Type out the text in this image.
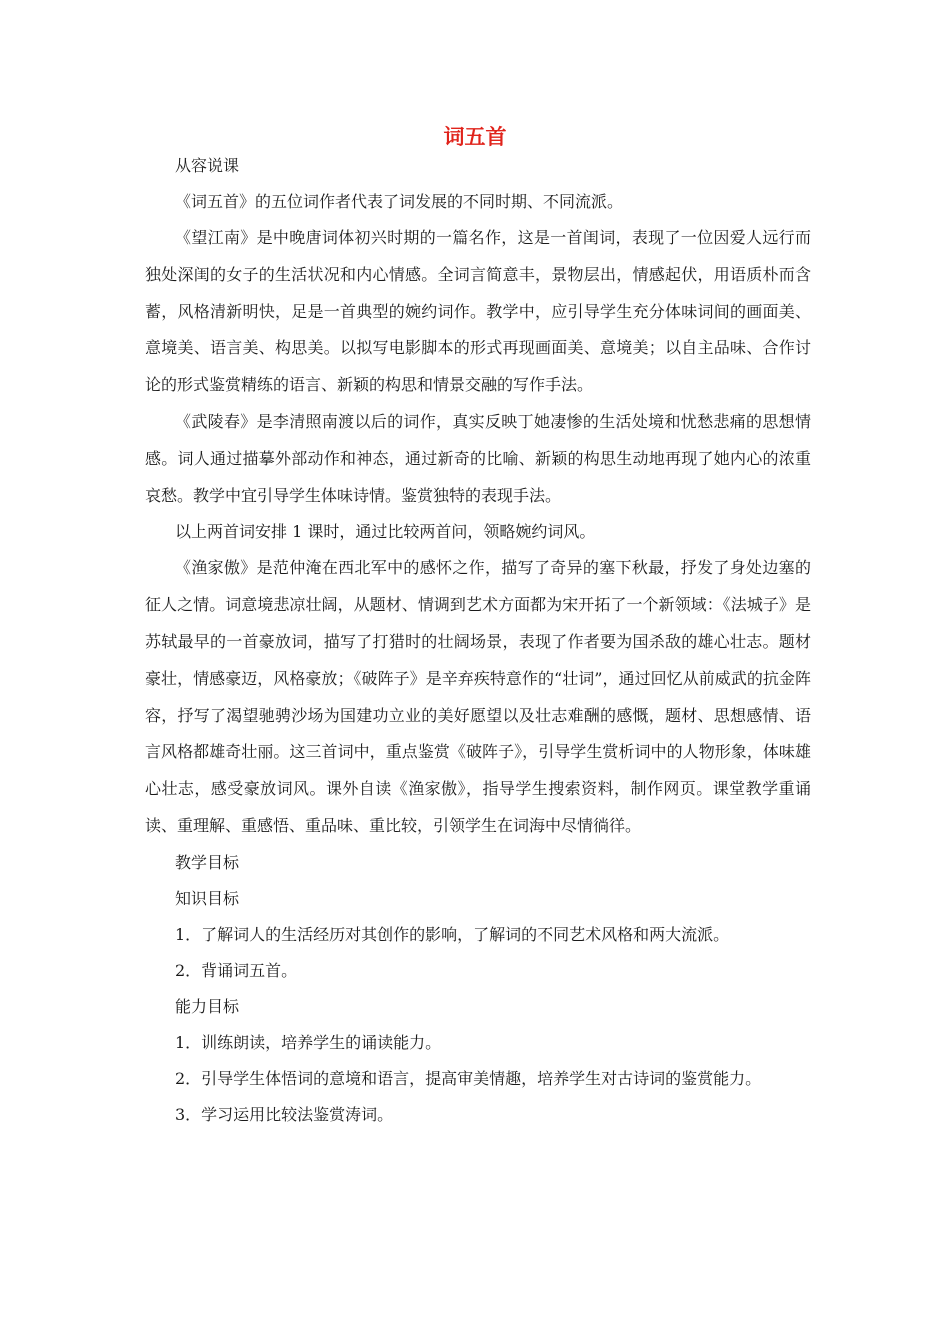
词五首

从容说课

《词五首》的五位词作者代表了词发展的不同时期、不同流派。

《望江南》是中晚唐词体初兴时期的一篇名作，这是一首闺词，表现了一位因爱人远行而独处深闺的女子的生活状况和内心情感。全词言简意丰，景物层出，情感起伏，用语质朴而含蓄，风格清新明快，足是一首典型的婉约词作。教学中，应引导学生充分体味词间的画面美、意境美、语言美、构思美。以拟写电影脚本的形式再现画面美、意境美；以自主品味、合作讨论的形式鉴赏精练的语言、新颖的构思和情景交融的写作手法。

《武陵春》是李清照南渡以后的词作，真实反映丁她凄惨的生活处境和忧愁悲痛的思想情感。词人通过描摹外部动作和神态，通过新奇的比喻、新颖的构思生动地再现了她内心的浓重哀愁。教学中宜引导学生体味诗情。鉴赏独特的表现手法。

以上两首词安排 1 课时，通过比较两首问，领略婉约词风。

《渔家傲》是范仲淹在西北军中的感怀之作，描写了奇异的塞下秋最，抒发了身处边塞的征人之情。词意境悲凉壮阔，从题材、情调到艺术方面都为宋开拓了一个新领域：《法城子》是苏轼最早的一首豪放词，描写了打猎时的壮阔场景，表现了作者要为国杀敌的雄心壮志。题材豪壮，情感豪迈，风格豪放；《破阵子》是辛弃疾特意作的“壮词”，通过回忆从前威武的抗金阵容，抒写了渴望驰骋沙场为国建功立业的美好愿望以及壮志难酬的感慨，题材、思想感情、语言风格都雄奇壮丽。这三首词中，重点鉴赏《破阵子》，引导学生赏析词中的人物形象，体味雄心壮志，感受豪放词风。课外自读《渔家傲》，指导学生搜索资料，制作网页。课堂教学重诵读、重理解、重感悟、重品味、重比较，引领学生在词海中尽情徜徉。

教学目标

知识目标

1．了解词人的生活经历对其创作的影响，了解词的不同艺术风格和两大流派。

2．背诵词五首。

能力目标

1．训练朗读，培养学生的诵读能力。

2．引导学生体悟词的意境和语言，提高审美情趣，培养学生对古诗词的鉴赏能力。

3．学习运用比较法鉴赏涛词。
